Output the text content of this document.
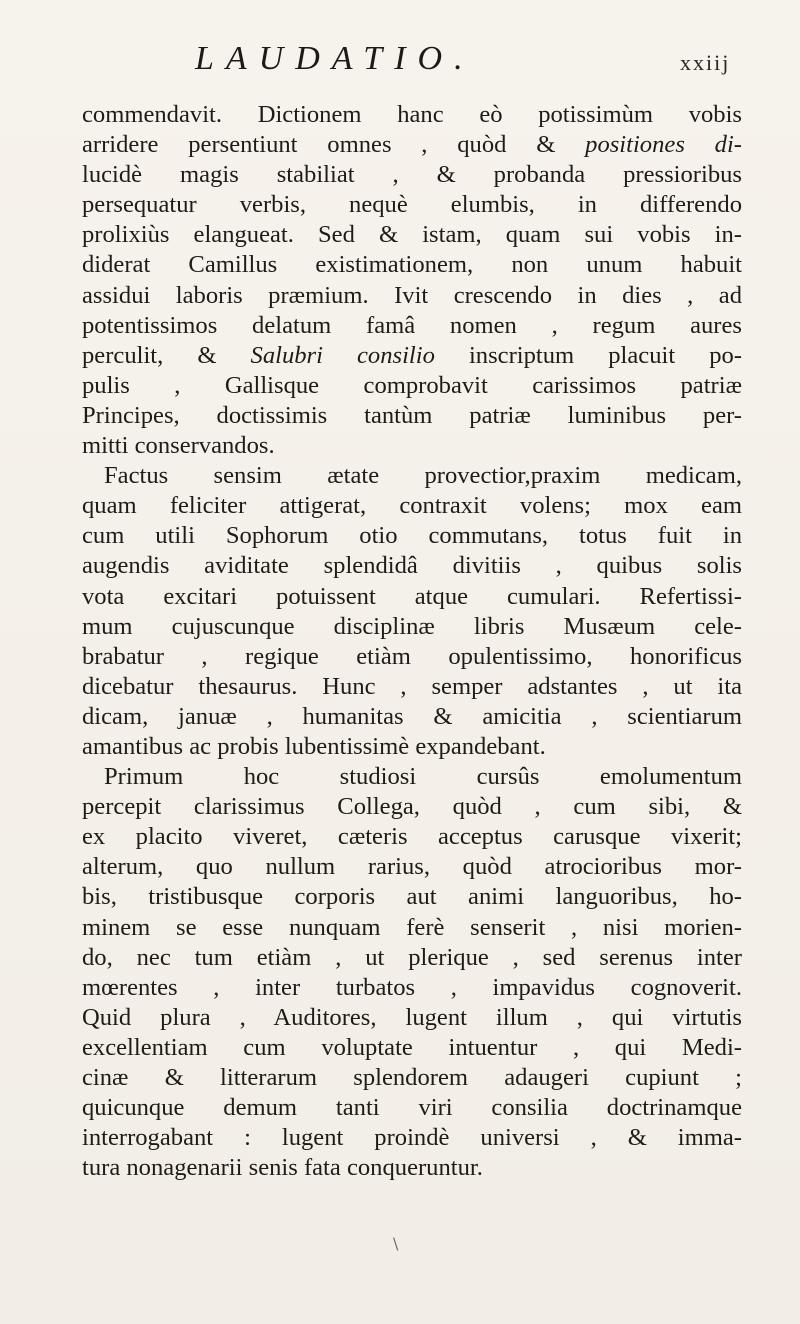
LAUDATIO.	xxiij
commendavit. Dictionem hanc eò potissimùm vobis
arridere persentiunt omnes , quòd & positiones di-
lucidè magis stabiliat , & probanda pressioribus
persequatur verbis, nequè elumbis, in differendo
prolixiùs elangueat. Sed & istam, quam sui vobis in-
diderat Camillus existimationem, non unum habuit
assidui laboris præmium. Ivit crescendo in dies , ad
potentissimos delatum famâ nomen , regum aures
perculit, & Salubri consilio inscriptum placuit po-
pulis , Gallisque comprobavit carissimos patriæ
Principes, doctissimis tantùm patriæ luminibus per-
mitti conservandos.
Factus sensim ætate provectior,praxim medicam,
quam feliciter attigerat, contraxit volens; mox eam
cum utili Sophorum otio commutans, totus fuit in
augendis aviditate splendidâ divitiis , quibus solis
vota excitari potuissent atque cumulari. Refertissi-
mum cujuscunque disciplinæ libris Musæum cele-
brabatur , regique etiàm opulentissimo, honorificus
dicebatur thesaurus. Hunc , semper adstantes , ut ita
dicam, januæ , humanitas & amicitia , scientiarum
amantibus ac probis lubentissimè expandebant.
Primum hoc studiosi cursûs emolumentum
percepit clarissimus Collega, quòd , cum sibi, &
ex placito viveret, cæteris acceptus carusque vixerit;
alterum, quo nullum rarius, quòd atrocioribus mor-
bis, tristibusque corporis aut animi languoribus, ho-
minem se esse nunquam ferè senserit , nisi morien-
do, nec tum etiàm , ut plerique , sed serenus inter
mœrentes , inter turbatos , impavidus cognoverit.
Quid plura , Auditores, lugent illum , qui virtutis
excellentiam cum voluptate intuentur , qui Medi-
cinæ & litterarum splendorem adaugeri cupiunt ;
quicunque demum tanti viri consilia doctrinamque
interrogabant : lugent proindè universi , & imma-
tura nonagenarii senis fata conqueruntur.
\
